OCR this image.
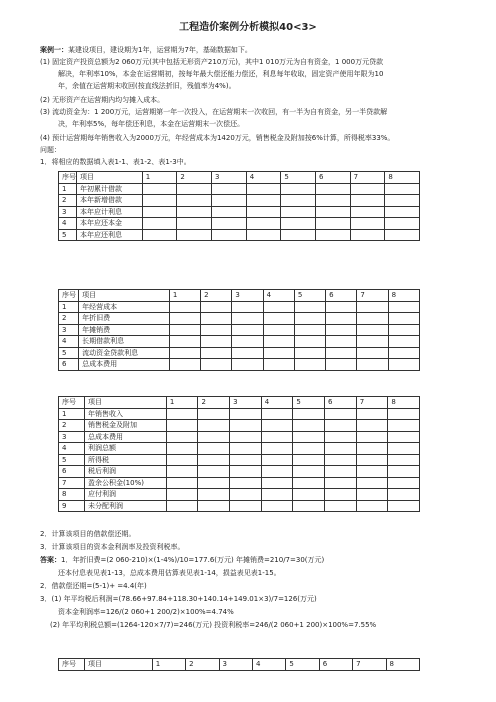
工程造价案例分析模拟40<3>
案例一：某建设项目，建设期为1年，运营期为7年，基础数据如下。
(1) 固定资产投资总额为2 060万元(其中包括无形资产210万元)，其中1 010万元为自有资金，1 000万元贷款
解决，年利率10%，本金在运营期初，按每年最大偿还能力偿还，利息每年收取，固定资产使用年限为10
年，余值在运营期末收回(按直线法折旧，残值率为4%)。
(2) 无形资产在运营期内均匀摊入成本。
(3) 流动资金为：1 200万元，运营期第一年一次投入，在运营期末一次收回，有一半为自有资金，另一半贷款解
决，年利率5%，每年偿还利息，本金在运营期末一次偿还。
(4) 预计运营期每年销售收入为2000万元，年经营成本为1420万元，销售税金及附加按6%计算，所得税率33%。
问题：
1．将相应的数据填入表1-1、表1-2、表1-3中。
序号	项目	1	2	3	4	5	6	7	8
1	年初累计借款								
2	本年新增借款								
3	本年应计利息								
4	本年应还本金								
5	本年应还利息								
序号	项目	1	2	3	4	5	6	7	8
1	年经营成本								
2	年折旧费								
3	年摊销费								
4	长期借款利息								
5	流动资金贷款利息								
6	总成本费用								
序号	项目	1	2	3	4	5	6	7	8
1	年销售收入								
2	销售税金及附加								
3	总成本费用								
4	利润总额								
5	所得税								
6	税后利润								
7	盈余公积金(10%)								
8	应付利润								
9	未分配利润								
2．计算该项目的借款偿还期。
3．计算该项目的资本金利润率及投资利税率。
答案：1．年折旧费=(2 060-210)×(1-4%)/10=177.6(万元) 年摊销费=210/7=30(万元)
还本付息表见表1-13，总成本费用估算表见表1-14，损益表见表1-15。
2．借款偿还期=(5-1)+ =4.4(年)
3．(1) 年平均税后利润=(78.66+97.84+118.30+140.14+149.01×3)/7=126(万元)
资本金利润率=126/(2 060+1 200/2)×100%=4.74%
(2) 年平均利税总额=(1264-120×7/7)=246(万元) 投资利税率=246/(2 060+1 200)×100%=7.55%
序号	项目	1	2	3	4	5	6	7	8
